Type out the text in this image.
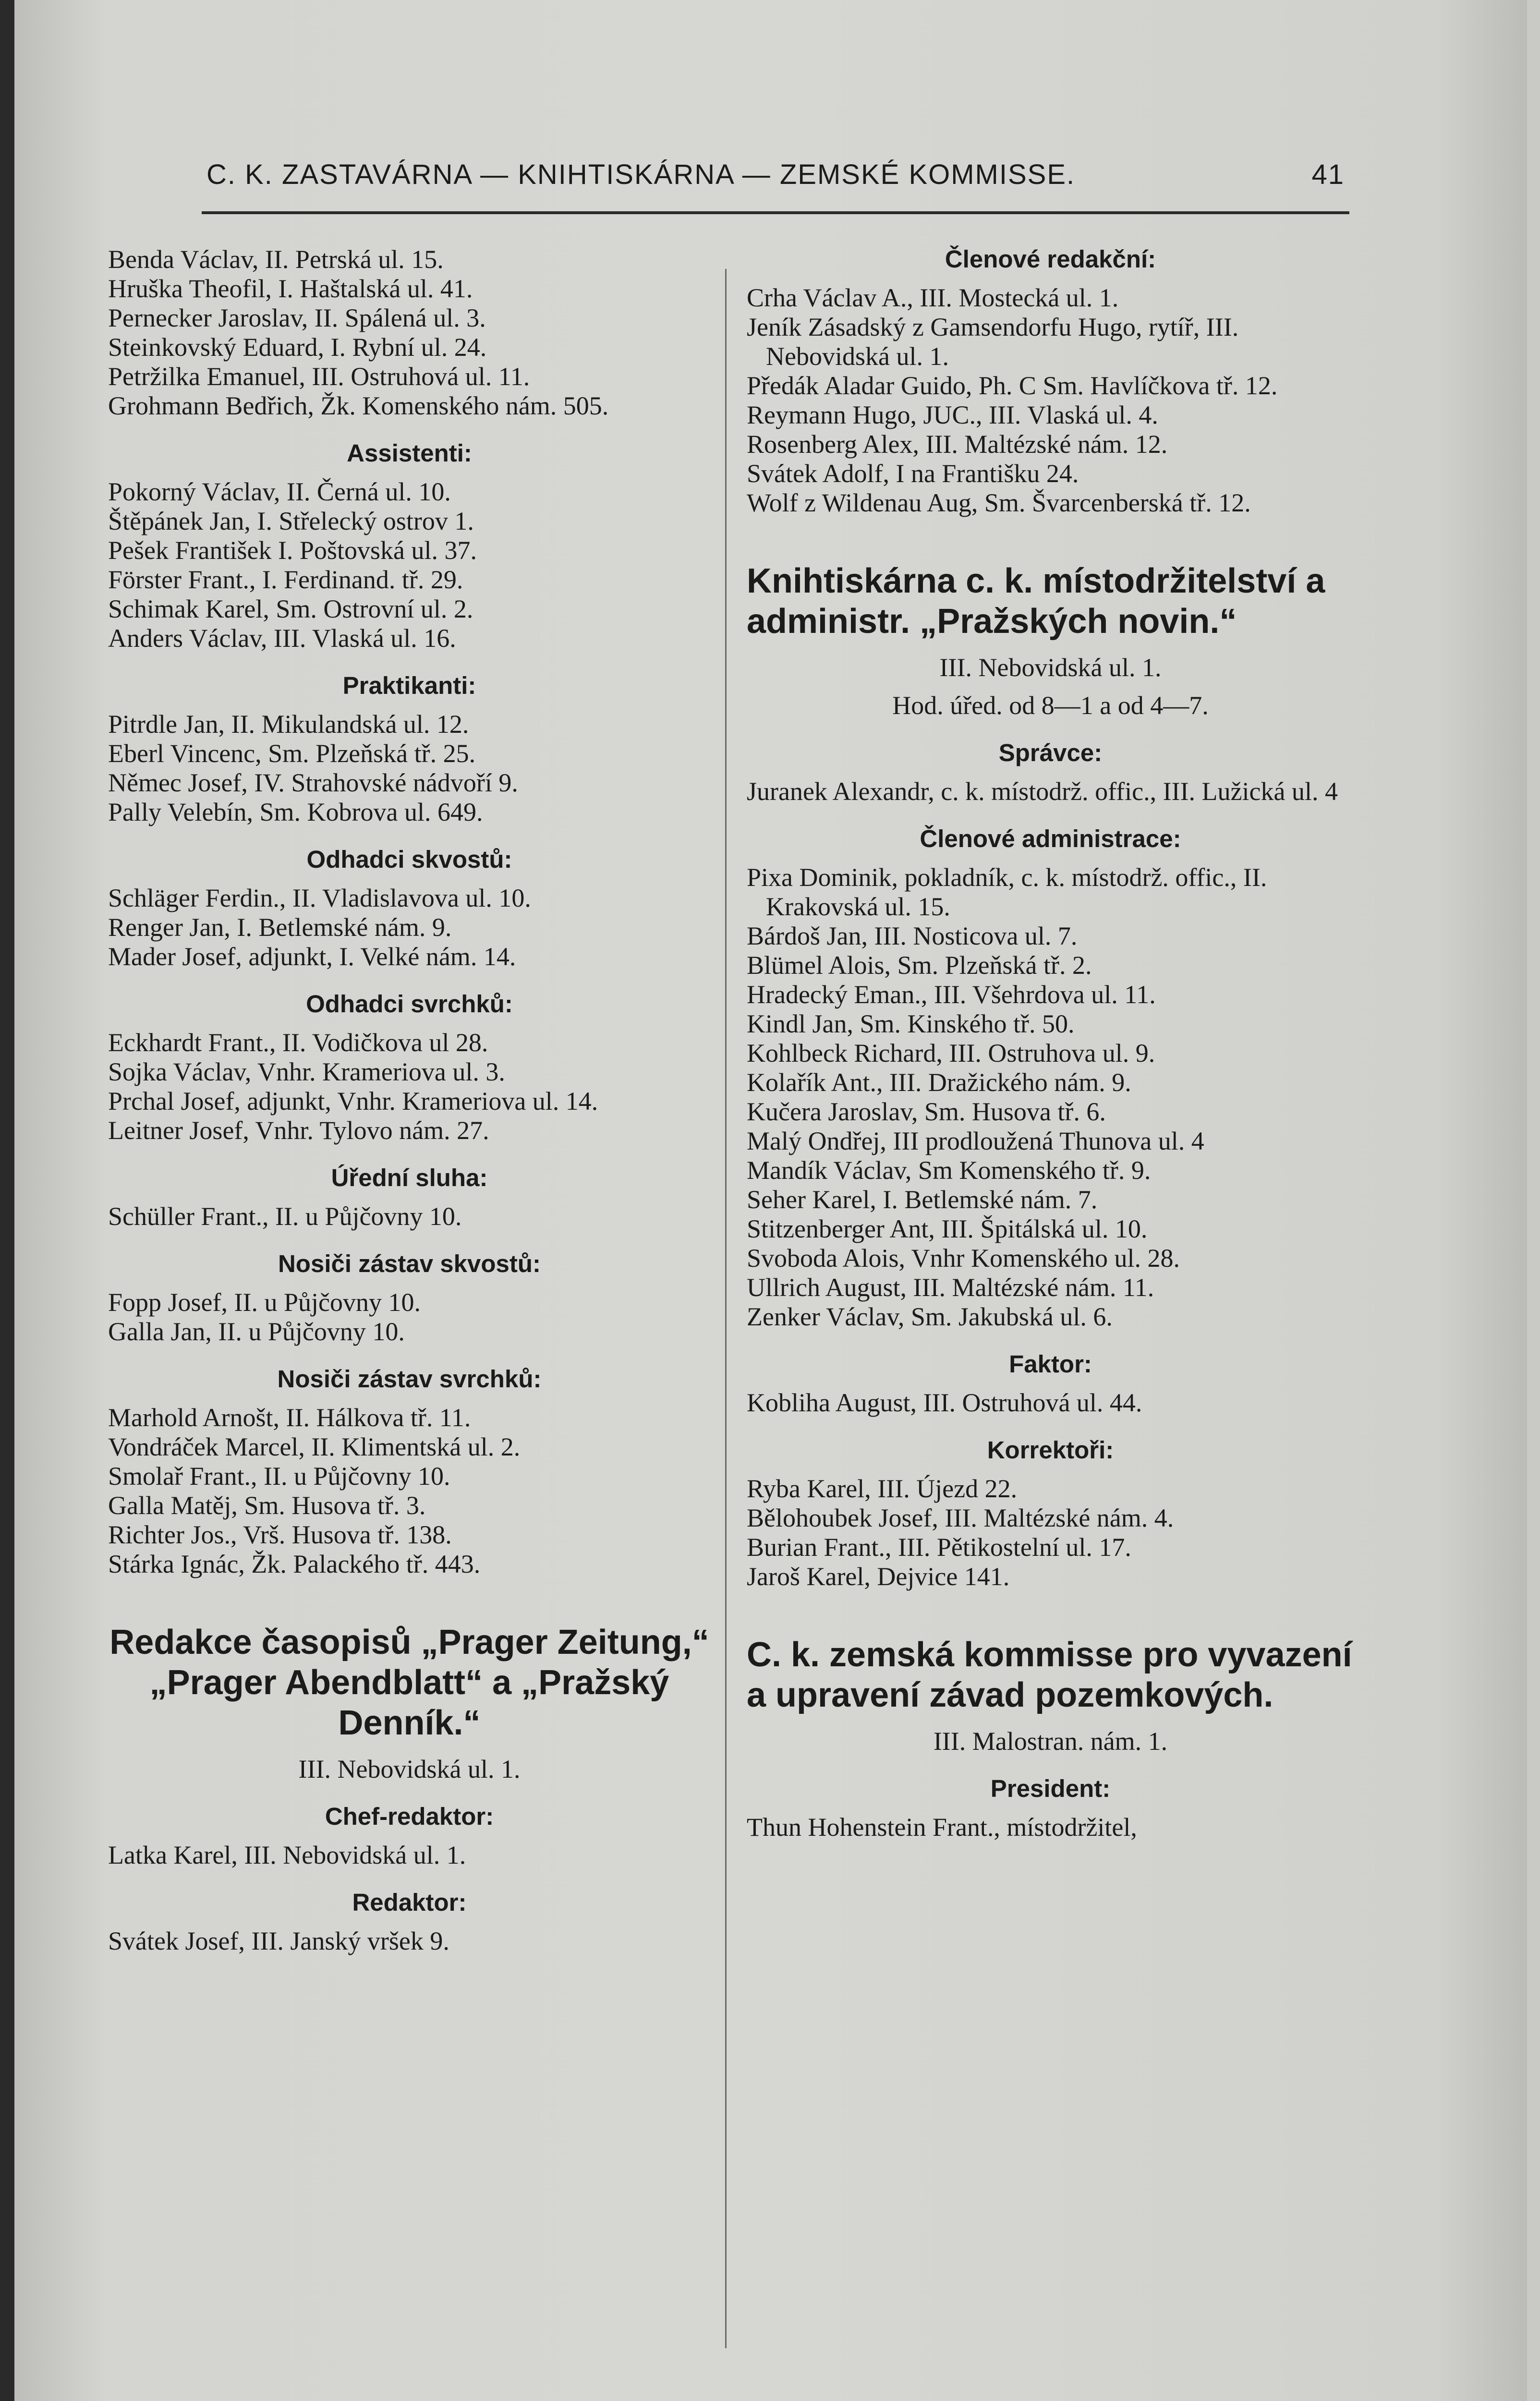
C. K. ZASTAVÁRNA — KNIHTISKÁRNA — ZEMSKÉ KOMMISSE.	41

Benda Václav, II. Petrská ul. 15.

Hruška Theofil, I. Haštalská ul. 41.

Pernecker Jaroslav, II. Spálená ul. 3.

Steinkovský Eduard, I. Rybní ul. 24.

Petržilka Emanuel, III. Ostruhová ul. 11.

Grohmann Bedřich, Žk. Komenského nám. 505.

Assistenti:

Pokorný Václav, II. Černá ul. 10.

Štěpánek Jan, I. Střelecký ostrov 1.

Pešek František I. Poštovská ul. 37.

Förster Frant., I. Ferdinand. tř. 29.

Schimak Karel, Sm. Ostrovní ul. 2.

Anders Václav, III. Vlaská ul. 16.

Praktikanti:

Pitrdle Jan, II. Mikulandská ul. 12.

Eberl Vincenc, Sm. Plzeňská tř. 25.

Němec Josef, IV. Strahovské nádvoří 9.

Pally Velebín, Sm. Kobrova ul. 649.

Odhadci skvostů:

Schläger Ferdin., II. Vladislavova ul. 10.

Renger Jan, I. Betlemské nám. 9.

Mader Josef, adjunkt, I. Velké nám. 14.

Odhadci svrchků:

Eckhardt Frant., II. Vodičkova ul 28.

Sojka Václav, Vnhr. Krameriova ul. 3.

Prchal Josef, adjunkt, Vnhr. Krameriova ul. 14.

Leitner Josef, Vnhr. Tylovo nám. 27.

Úřední sluha:

Schüller Frant., II. u Půjčovny 10.

Nosiči zástav skvostů:

Fopp Josef, II. u Půjčovny 10.

Galla Jan, II. u Půjčovny 10.

Nosiči zástav svrchků:

Marhold Arnošt, II. Hálkova tř. 11.

Vondráček Marcel, II. Klimentská ul. 2.

Smolař Frant., II. u Půjčovny 10.

Galla Matěj, Sm. Husova tř. 3.

Richter Jos., Vrš. Husova tř. 138.

Stárka Ignác, Žk. Palackého tř. 443.

Redakce časopisů „Prager Zeitung,“ „Prager Abendblatt“ a „Pražský Denník.“
III. Nebovidská ul. 1.
Chef-redaktor:

Latka Karel, III. Nebovidská ul. 1.

Redaktor:

Svátek Josef, III. Janský vršek 9.

Členové redakční:

Crha Václav A., III. Mostecká ul. 1.

Jeník Zásadský z Gamsendorfu Hugo, rytíř, III. Nebovidská ul. 1.

Předák Aladar Guido, Ph. C Sm. Havlíčkova tř. 12.

Reymann Hugo, JUC., III. Vlaská ul. 4.

Rosenberg Alex, III. Maltézské nám. 12.

Svátek Adolf, I na Františku 24.

Wolf z Wildenau Aug, Sm. Švarcenberská tř. 12.

Knihtiskárna c. k. místodržitelství a administr. „Pražských novin.“
III. Nebovidská ul. 1.
Hod. úřed. od 8—1 a od 4—7.
Správce:

Juranek Alexandr, c. k. místodrž. offic., III. Lužická ul. 4

Členové administrace:

Pixa Dominik, pokladník, c. k. místodrž. offic., II. Krakovská ul. 15.

Bárdoš Jan, III. Nosticova ul. 7.

Blümel Alois, Sm. Plzeňská tř. 2.

Hradecký Eman., III. Všehrdova ul. 11.

Kindl Jan, Sm. Kinského tř. 50.

Kohlbeck Richard, III. Ostruhova ul. 9.

Kolařík Ant., III. Dražického nám. 9.

Kučera Jaroslav, Sm. Husova tř. 6.

Malý Ondřej, III prodloužená Thunova ul. 4

Mandík Václav, Sm Komenského tř. 9.

Seher Karel, I. Betlemské nám. 7.

Stitzenberger Ant, III. Špitálská ul. 10.

Svoboda Alois, Vnhr Komenského ul. 28.

Ullrich August, III. Maltézské nám. 11.

Zenker Václav, Sm. Jakubská ul. 6.

Faktor:

Kobliha August, III. Ostruhová ul. 44.

Korrektoři:

Ryba Karel, III. Újezd 22.

Bělohoubek Josef, III. Maltézské nám. 4.

Burian Frant., III. Pětikostelní ul. 17.

Jaroš Karel, Dejvice 141.

C. k. zemská kommisse pro vyvazení a upravení závad pozemkových.
III. Malostran. nám. 1.
President:

Thun Hohenstein Frant., místodržitel,
